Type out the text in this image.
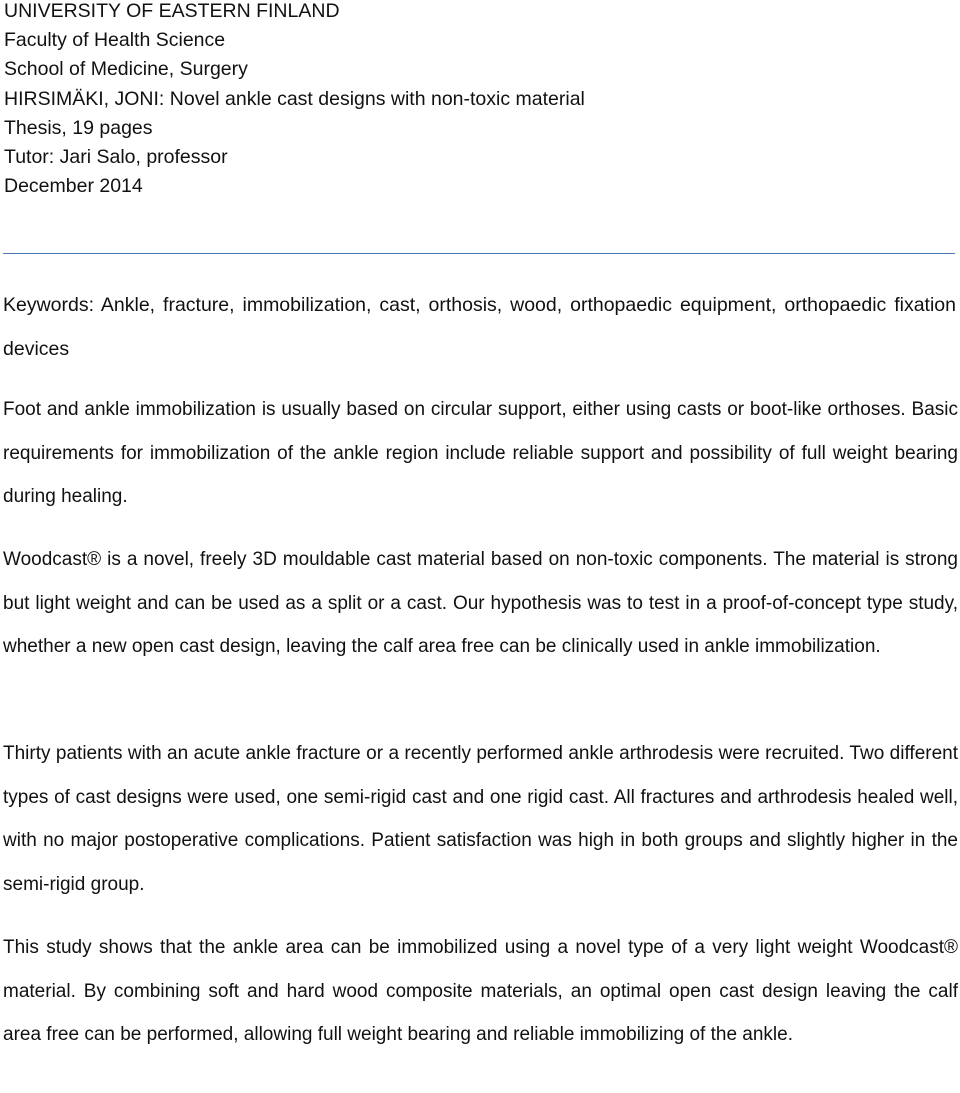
UNIVERSITY OF EASTERN FINLAND
Faculty of Health Science
School of Medicine, Surgery
HIRSIMÄKI, JONI: Novel ankle cast designs with non-toxic material
Thesis, 19 pages
Tutor: Jari Salo, professor
December 2014
Keywords: Ankle, fracture, immobilization, cast, orthosis, wood, orthopaedic equipment, orthopaedic fixation devices
Foot and ankle immobilization is usually based on circular support, either using casts or boot-like orthoses. Basic requirements for immobilization of the ankle region include reliable support and possibility of full weight bearing during healing.
Woodcast® is a novel, freely 3D mouldable cast material based on non-toxic components. The material is strong but light weight and can be used as a split or a cast. Our hypothesis was to test in a proof-of-concept type study, whether a new open cast design, leaving the calf area free can be clinically used in ankle immobilization.
Thirty patients with an acute ankle fracture or a recently performed ankle arthrodesis were recruited. Two different types of cast designs were used, one semi-rigid cast and one rigid cast. All fractures and arthrodesis healed well, with no major postoperative complications. Patient satisfaction was high in both groups and slightly higher in the semi-rigid group.
This study shows that the ankle area can be immobilized using a novel type of a very light weight Woodcast® material. By combining soft and hard wood composite materials, an optimal open cast design leaving the calf area free can be performed, allowing full weight bearing and reliable immobilizing of the ankle.
